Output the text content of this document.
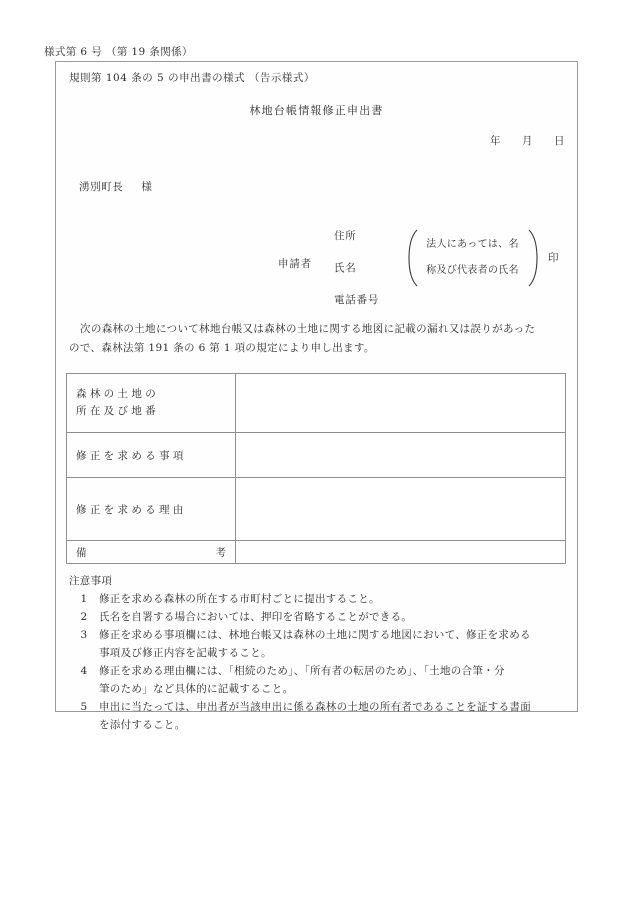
様式第 6 号 （第 19 条関係）
規則第 104 条の 5 の申出書の様式 （告示様式）
林地台帳情報修正申出書
年 月 日
湧別町長 様
申請者
住所
氏名
電話番号
法人にあっては、名
称及び代表者の氏名
印
次の森林の土地について林地台帳又は森林の土地に関する地図に記載の漏れ又は誤りがあった
ので、森林法第 191 条の 6 第 1 項の規定により申し出ます。
森 林 の 土 地 の
所 在 及 び 地 番	

修 正 を 求 め る 事 項	

修 正 を 求 め る 理 由	

備 考	

注意事項
1	修正を求める森林の所在する市町村ごとに提出すること。
2	氏名を自署する場合においては、押印を省略することができる。
3	修正を求める事項欄には、林地台帳又は森林の土地に関する地図において、修正を求める
事項及び修正内容を記載すること。
4	修正を求める理由欄には、「相続のため」、「所有者の転居のため」、「土地の合筆・分
筆のため」など具体的に記載すること。
5	申出に当たっては、申出者が当該申出に係る森林の土地の所有者であることを証する書面
を添付すること。
